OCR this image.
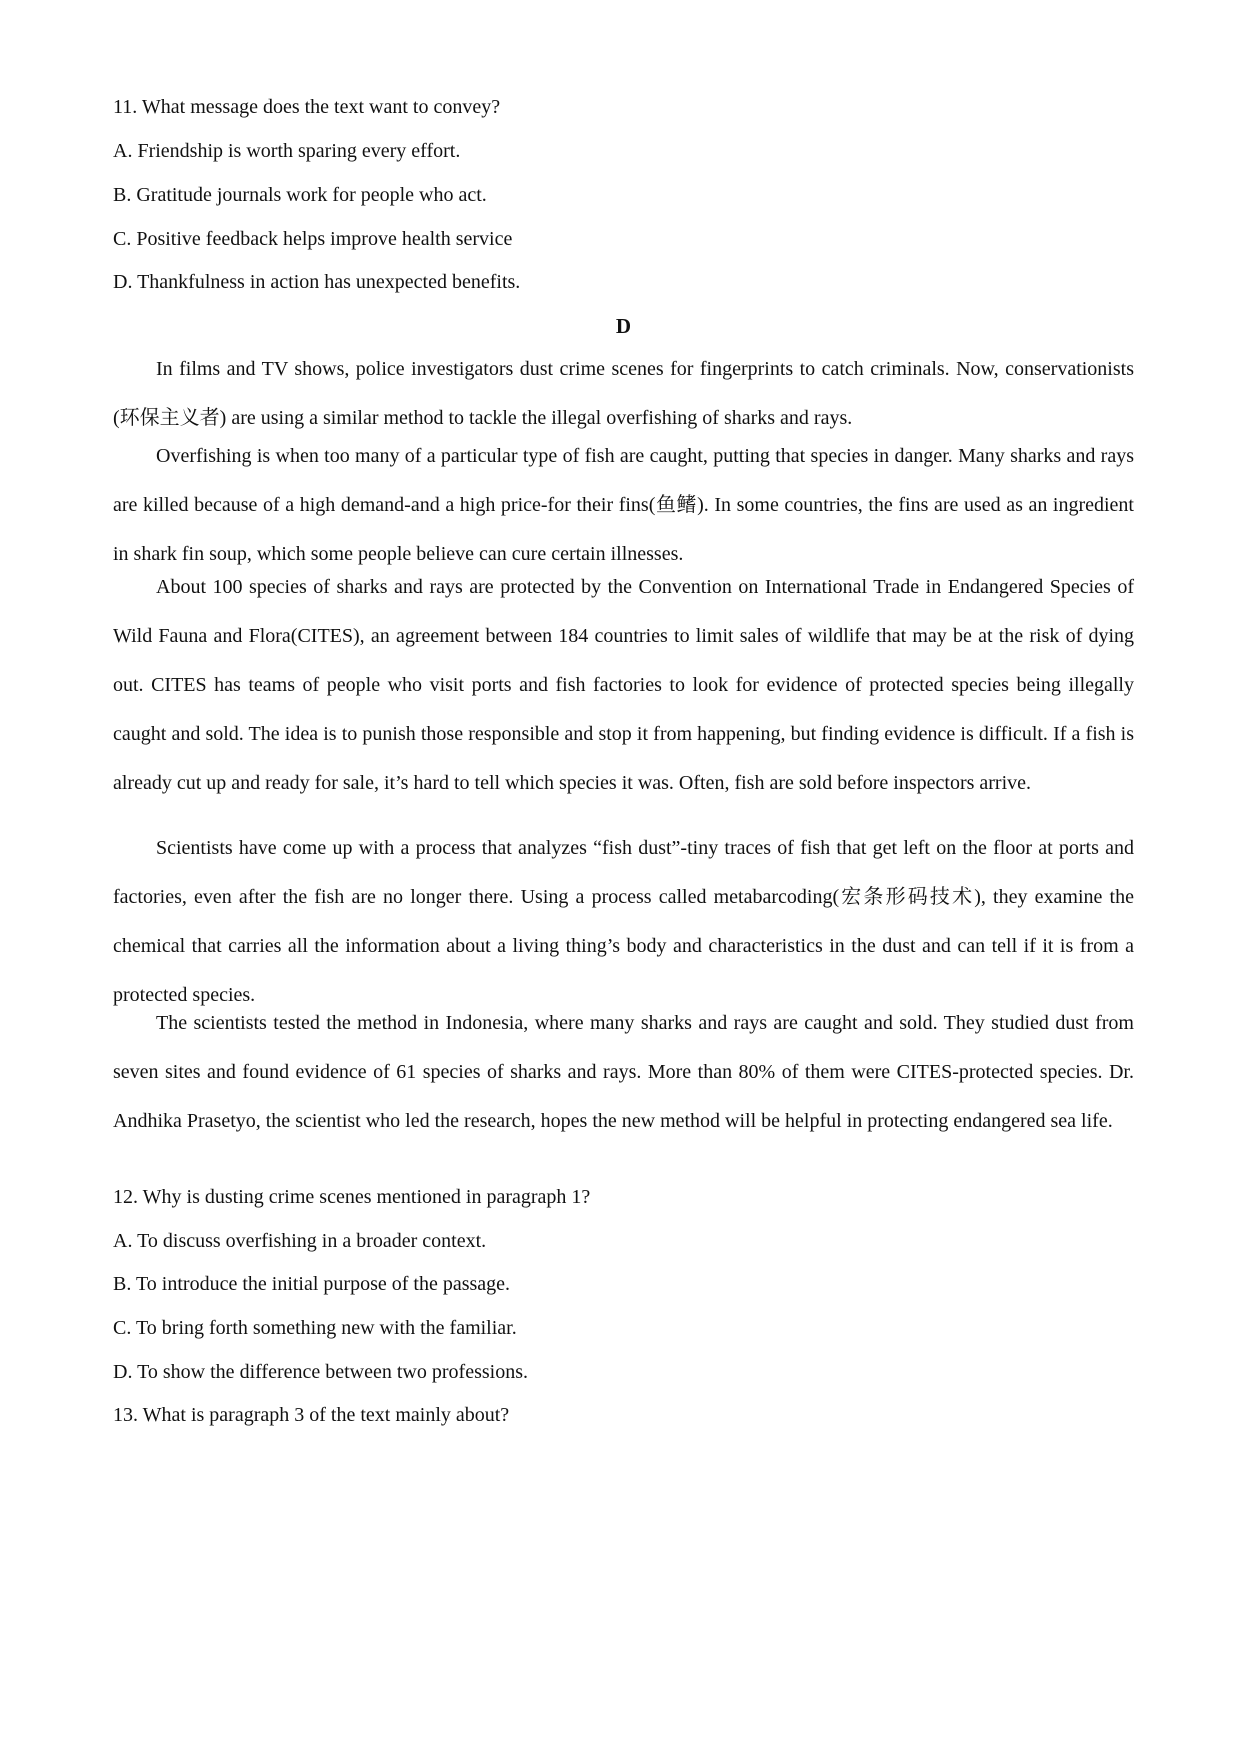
11. What message does the text want to convey?
A. Friendship is worth sparing every effort.
B. Gratitude journals work for people who act.
C. Positive feedback helps improve health service
D. Thankfulness in action has unexpected benefits.
D

In films and TV shows, police investigators dust crime scenes for fingerprints to catch criminals. Now, conservationists (环保主义者) are using a similar method to tackle the illegal overfishing of sharks and rays.

Overfishing is when too many of a particular type of fish are caught, putting that species in danger. Many sharks and rays are killed because of a high demand-and a high price-for their fins(鱼鳍). In some countries, the fins are used as an ingredient in shark fin soup, which some people believe can cure certain illnesses.

About 100 species of sharks and rays are protected by the Convention on International Trade in Endangered Species of Wild Fauna and Flora(CITES), an agreement between 184 countries to limit sales of wildlife that may be at the risk of dying out. CITES has teams of people who visit ports and fish factories to look for evidence of protected species being illegally caught and sold. The idea is to punish those responsible and stop it from happening, but finding evidence is difficult. If a fish is already cut up and ready for sale, it’s hard to tell which species it was. Often, fish are sold before inspectors arrive.

Scientists have come up with a process that analyzes “fish dust”-tiny traces of fish that get left on the floor at ports and factories, even after the fish are no longer there. Using a process called metabarcoding(宏条形码技术), they examine the chemical that carries all the information about a living thing’s body and characteristics in the dust and can tell if it is from a protected species.

The scientists tested the method in Indonesia, where many sharks and rays are caught and sold. They studied dust from seven sites and found evidence of 61 species of sharks and rays. More than 80% of them were CITES-protected species. Dr. Andhika Prasetyo, the scientist who led the research, hopes the new method will be helpful in protecting endangered sea life.

12. Why is dusting crime scenes mentioned in paragraph 1?
A. To discuss overfishing in a broader context.
B. To introduce the initial purpose of the passage.
C. To bring forth something new with the familiar.
D. To show the difference between two professions.
13. What is paragraph 3 of the text mainly about?
